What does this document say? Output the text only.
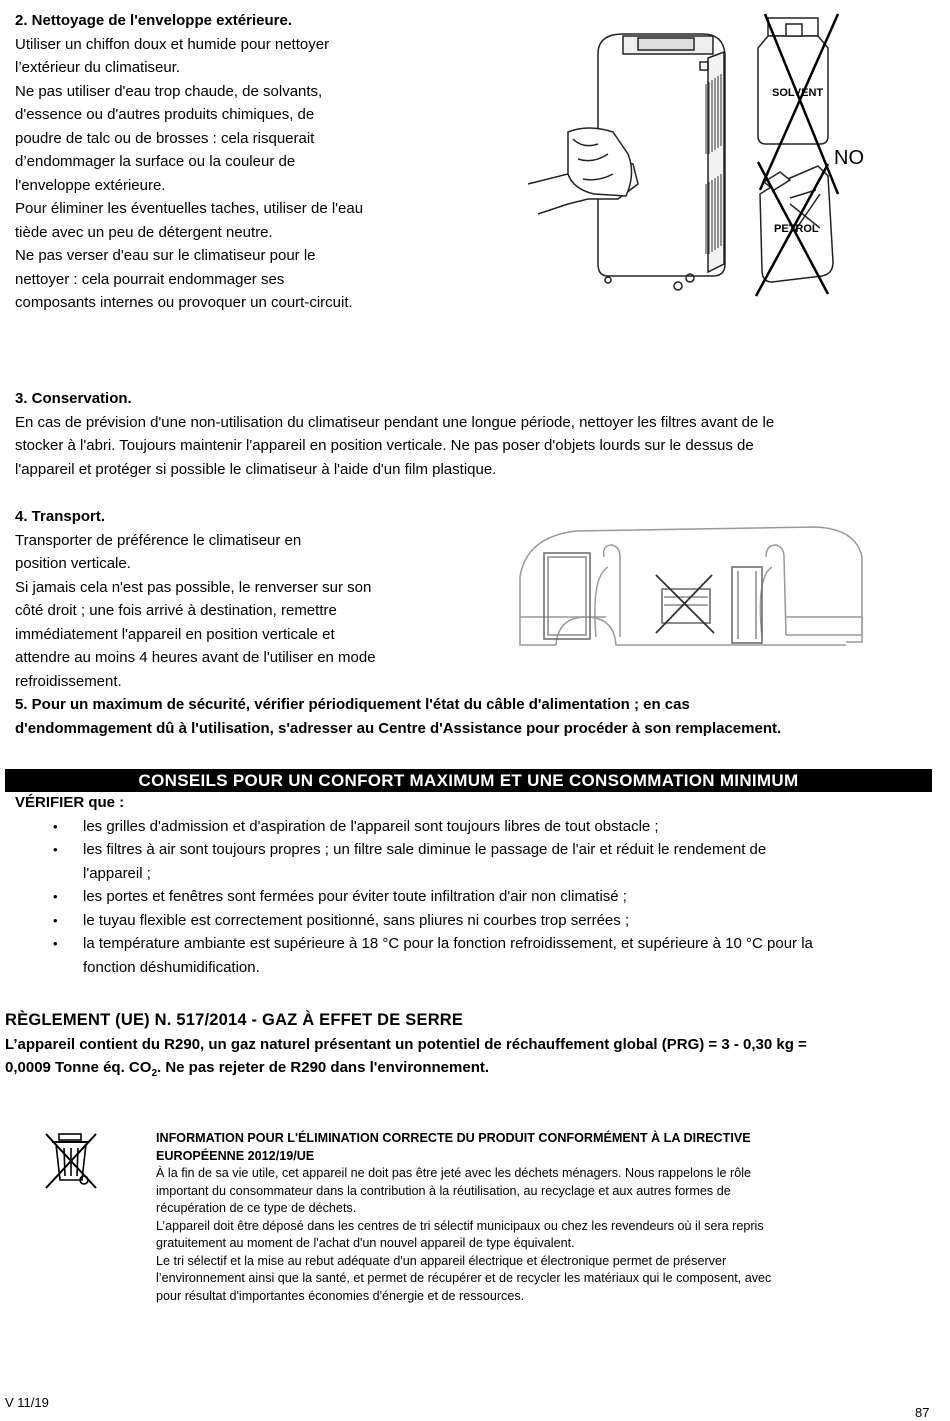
2. Nettoyage de l'enveloppe extérieure.

Utiliser un chiffon doux et humide pour nettoyer
l’extérieur du climatiseur.
Ne pas utiliser d'eau trop chaude, de solvants,
d'essence ou d'autres produits chimiques, de
poudre de talc ou de brosses : cela risquerait
d’endommager la surface ou la couleur de
l'enveloppe extérieure.
Pour éliminer les éventuelles taches, utiliser de l'eau
tiède avec un peu de détergent neutre.
Ne pas verser d'eau sur le climatiseur pour le
nettoyer : cela pourrait endommager ses
composants internes ou provoquer un court-circuit.
SOLVENT
NO
PETROL

3. Conservation.

En cas de prévision d'une non-utilisation du climatiseur pendant une longue période, nettoyer les filtres avant de le
stocker à l'abri. Toujours maintenir l'appareil en position verticale. Ne pas poser d'objets lourds sur le dessus de
l'appareil et protéger si possible le climatiseur à l'aide d'un film plastique.

4. Transport.

Transporter de préférence le climatiseur en
position verticale.
Si jamais cela n'est pas possible, le renverser sur son
côté droit ; une fois arrivé à destination, remettre
immédiatement l'appareil en position verticale et
attendre au moins 4 heures avant de l'utiliser en mode
refroidissement.
5. Pour un maximum de sécurité, vérifier périodiquement l'état du câble d'alimentation ; en cas
d'endommagement dû à l'utilisation, s'adresser au Centre d'Assistance pour procéder à son remplacement.
CONSEILS POUR UN CONFORT MAXIMUM ET UNE CONSOMMATION MINIMUM

VÉRIFIER que :

• les grilles d'admission et d'aspiration de l'appareil sont toujours libres de tout obstacle ;
• les filtres à air sont toujours propres ; un filtre sale diminue le passage de l'air et réduit le rendement de
l'appareil ;
• les portes et fenêtres sont fermées pour éviter toute infiltration d'air non climatisé ;
• le tuyau flexible est correctement positionné, sans pliures ni courbes trop serrées ;
• la température ambiante est supérieure à 18 °C pour la fonction refroidissement, et supérieure à 10 °C pour la
fonction déshumidification.

RÈGLEMENT (UE) N. 517/2014 - GAZ À EFFET DE SERRE

L’appareil contient du R290, un gaz naturel présentant un potentiel de réchauffement global (PRG) = 3 - 0,30 kg =

0,0009 Tonne éq. $CO_2$. Ne pas rejeter de R290 dans l'environnement.

INFORMATION POUR L'ÉLIMINATION CORRECTE DU PRODUIT CONFORMÉMENT À LA DIRECTIVE
EUROPÉENNE 2012/19/UE
À la fin de sa vie utile, cet appareil ne doit pas être jeté avec les déchets ménagers. Nous rappelons le rôle
important du consommateur dans la contribution à la réutilisation, au recyclage et aux autres formes de
récupération de ce type de déchets.
L’appareil doit être déposé dans les centres de tri sélectif municipaux ou chez les revendeurs où il sera repris
gratuitement au moment de l'achat d'un nouvel appareil de type équivalent.
Le tri sélectif et la mise au rebut adéquate d'un appareil électrique et électronique permet de préserver
l’environnement ainsi que la santé, et permet de récupérer et de recycler les matériaux qui le composent, avec
pour résultat d'importantes économies d'énergie et de ressources.
V 11/19
87
